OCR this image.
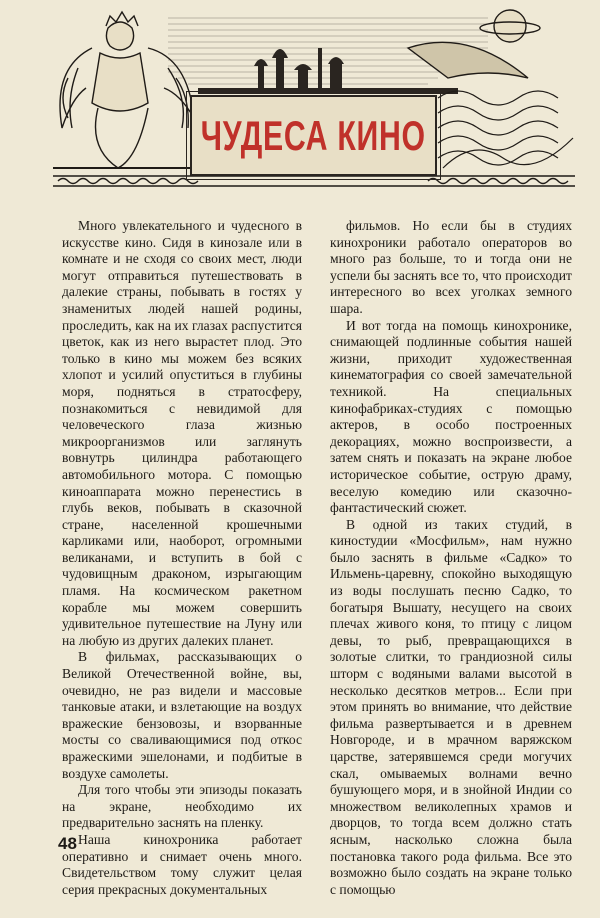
ЧУДЕСА КИНО

Много увлекательного и чудесного в искусстве кино. Сидя в кинозале или в комнате и не сходя со своих мест, люди могут отправиться путешествовать в далекие страны, побывать в гостях у знаменитых людей нашей родины, проследить, как на их глазах распустится цветок, как из него вырастет плод. Это только в кино мы можем без всяких хлопот и усилий опуститься в глубины моря, подняться в стратосферу, познакомиться с невидимой для человеческого глаза жизнью микроорганизмов или заглянуть вовнутрь цилиндра работающего автомобильного мотора. С помощью киноаппарата можно перенестись в глубь веков, побывать в сказочной стране, населенной крошечными карликами или, наоборот, огромными великанами, и вступить в бой с чудовищным драконом, изрыгающим пламя. На космическом ракетном корабле мы можем совершить удивительное путешествие на Луну или на любую из других далеких планет.

В фильмах, рассказывающих о Великой Отечественной войне, вы, очевидно, не раз видели и массовые танковые атаки, и взлетающие на воздух вражеские бензовозы, и взорванные мосты со сваливающимися под откос вражескими эшелонами, и подбитые в воздухе самолеты.

Для того чтобы эти эпизоды показать на экране, необходимо их предварительно заснять на пленку.

Наша кинохроника работает оперативно и снимает очень много. Свидетельством тому служит целая серия прекрасных документальных

фильмов. Но если бы в студиях кинохроники работало операторов во много раз больше, то и тогда они не успели бы заснять все то, что происходит интересного во всех уголках земного шара.

И вот тогда на помощь кинохронике, снимающей подлинные события нашей жизни, приходит художественная кинематография со своей замечательной техникой. На специальных кинофабриках-студиях с помощью актеров, в особо построенных декорациях, можно воспроизвести, а затем снять и показать на экране любое историческое событие, острую драму, веселую комедию или сказочно-фантастический сюжет.

В одной из таких студий, в киностудии «Мосфильм», нам нужно было заснять в фильме «Садко» то Ильмень-царевну, спокойно выходящую из воды послушать песню Садко, то богатыря Вышату, несущего на своих плечах живого коня, то птицу с лицом девы, то рыб, превращающихся в золотые слитки, то грандиозной силы шторм с водяными валами высотой в несколько десятков метров... Если при этом принять во внимание, что действие фильма развертывается и в древнем Новгороде, и в мрачном варяжском царстве, затерявшемся среди могучих скал, омываемых волнами вечно бушующего моря, и в знойной Индии со множеством великолепных храмов и дворцов, то тогда всем должно стать ясным, насколько сложна была постановка такого рода фильма. Все это возможно было создать на экране только с помощью

48
